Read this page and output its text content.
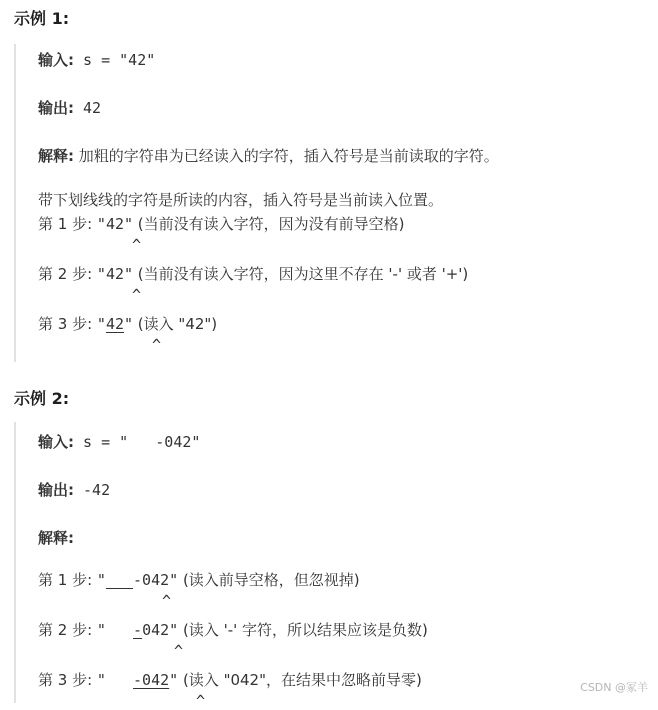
示例 1:
输入: s = "42"
输出: 42
解释: 加粗的字符串为已经读入的字符，插入符号是当前读取的字符。
带下划线线的字符是所读的内容，插入符号是当前读入位置。
第 1 步: "42" (当前没有读入字符，因为没有前导空格)
^
第 2 步: "42" (当前没有读入字符，因为这里不存在 '-' 或者 '+')
^
第 3 步: "42" (读入 "42")
^
示例 2:
输入: s = "   -042"
输出: -42
解释:
第 1 步: " -042" (读入前导空格，但忽视掉)
^
第 2 步: "   -042" (读入 '-' 字符，所以结果应该是负数)
^
第 3 步: "   -042" (读入 "042"，在结果中忽略前导零)
^
CSDN @冢羊
